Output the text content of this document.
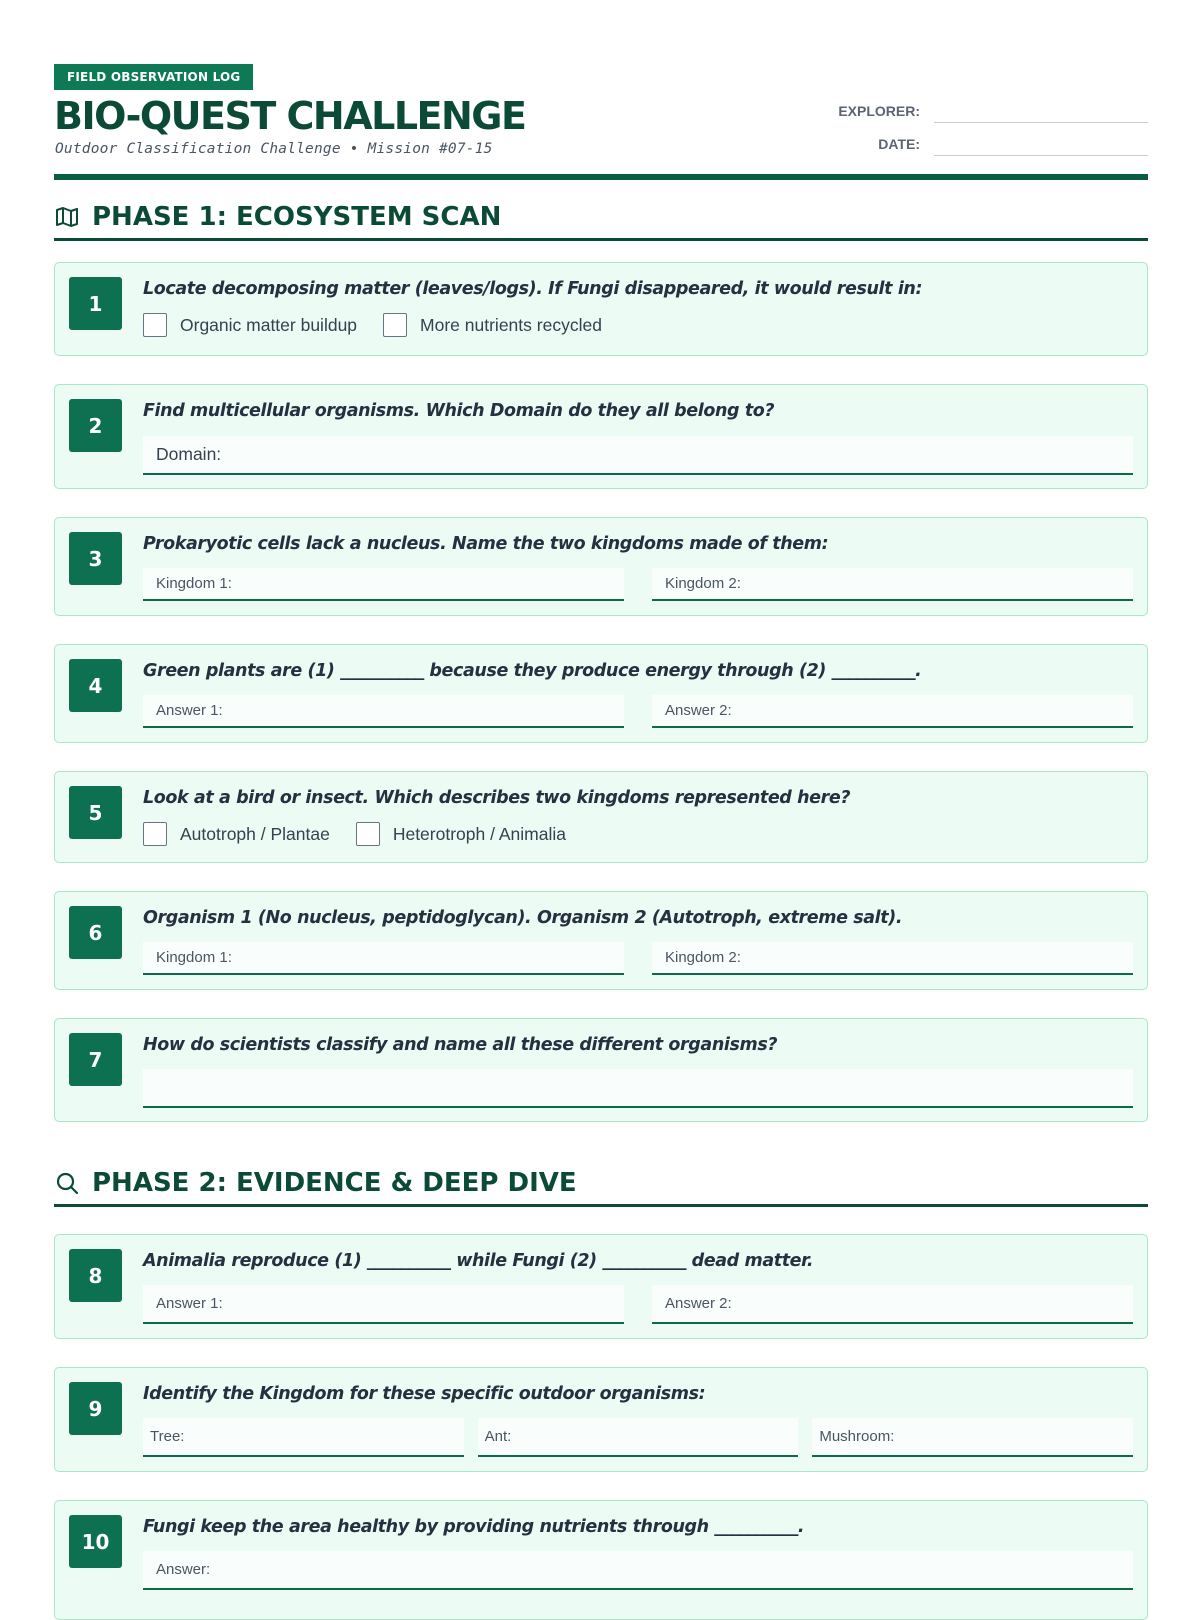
FIELD OBSERVATION LOG
BIO-QUEST CHALLENGE
Outdoor Classification Challenge • Mission #07-15
EXPLORER:
DATE:
PHASE 1: ECOSYSTEM SCAN
1
Locate decomposing matter (leaves/logs). If Fungi disappeared, it would result in:
Organic matter buildup	More nutrients recycled
2
Find multicellular organisms. Which Domain do they all belong to?
Domain:
3
Prokaryotic cells lack a nucleus. Name the two kingdoms made of them:
Kingdom 1:	Kingdom 2:
4
Green plants are (1) __________ because they produce energy through (2) __________.
Answer 1:	Answer 2:
5
Look at a bird or insect. Which describes two kingdoms represented here?
Autotroph / Plantae	Heterotroph / Animalia
6
Organism 1 (No nucleus, peptidoglycan). Organism 2 (Autotroph, extreme salt).
Kingdom 1:	Kingdom 2:
7
How do scientists classify and name all these different organisms?
PHASE 2: EVIDENCE & DEEP DIVE
8
Animalia reproduce (1) __________ while Fungi (2) __________ dead matter.
Answer 1:	Answer 2:
9
Identify the Kingdom for these specific outdoor organisms:
Tree:	Ant:	Mushroom:
10
Fungi keep the area healthy by providing nutrients through __________.
Answer:
